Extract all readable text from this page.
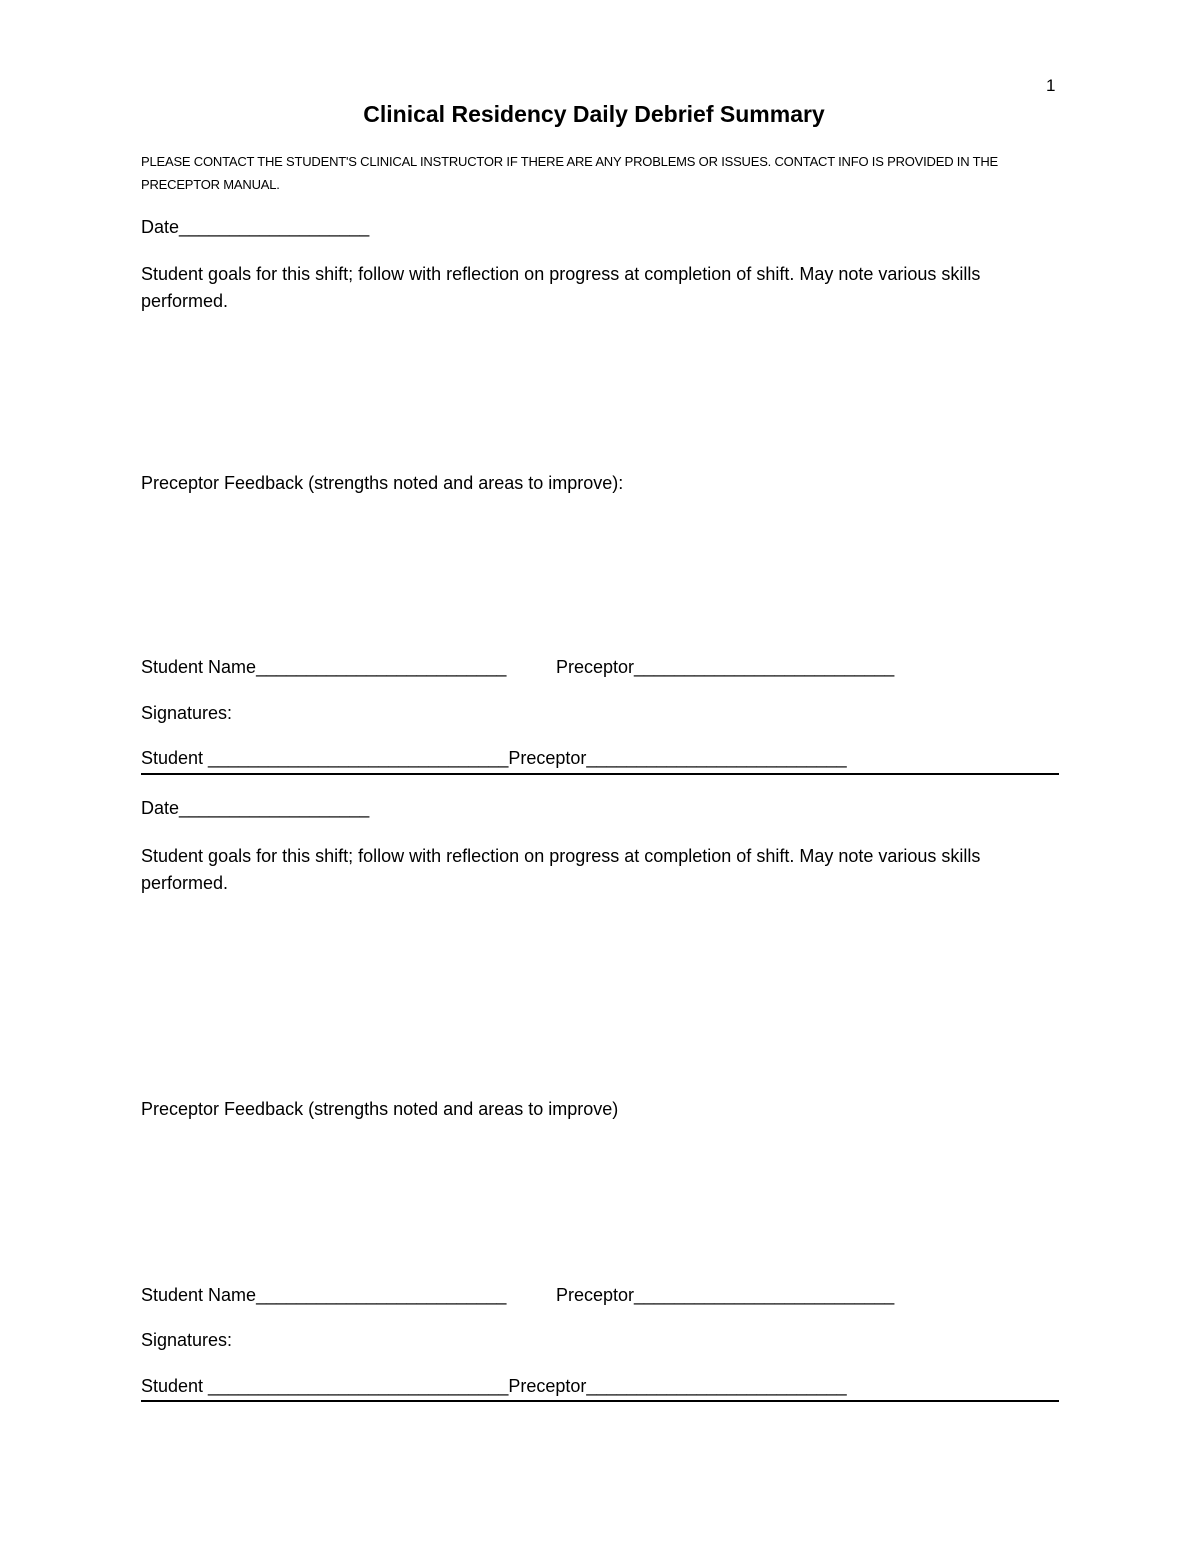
1
Clinical Residency Daily Debrief Summary
PLEASE CONTACT THE STUDENT'S CLINICAL INSTRUCTOR IF THERE ARE ANY PROBLEMS OR ISSUES. CONTACT INFO IS PROVIDED IN THE PRECEPTOR MANUAL.
Date___________________
Student goals for this shift; follow with reflection on progress at completion of shift. May note various skills performed.
Preceptor Feedback (strengths noted and areas to improve):
Student Name_________________________	Preceptor__________________________
Signatures:
Student ______________________________Preceptor__________________________
Date___________________
Student goals for this shift; follow with reflection on progress at completion of shift. May note various skills performed.
Preceptor Feedback (strengths noted and areas to improve)
Student Name_________________________	Preceptor__________________________
Signatures:
Student ______________________________Preceptor__________________________
